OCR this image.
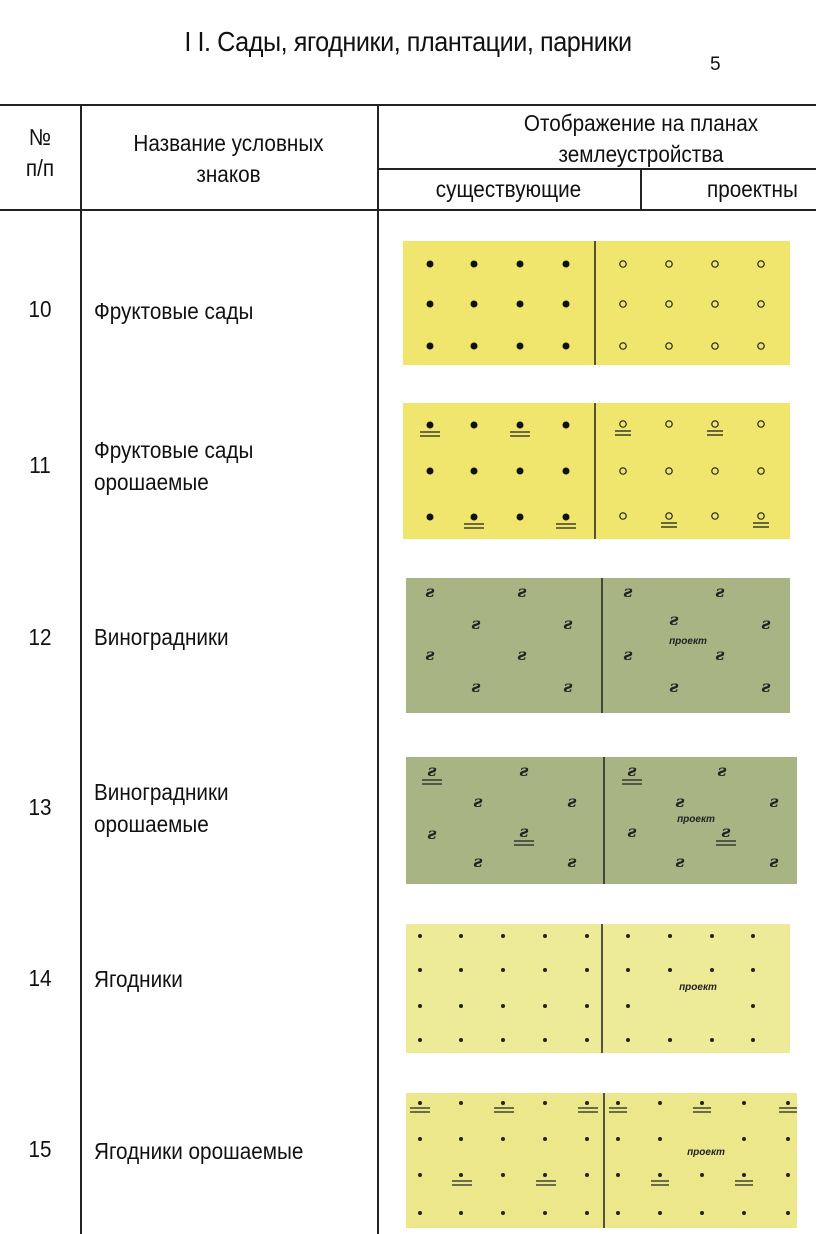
I I. Сады, ягодники, плантации, парники
5
№
п/п
Название условных
знаков
Отображение на планах
землеустройства
существующие	проектны
10	Фруктовые сады
11
Фруктовые сады
орошаемые
12	Виноградники
13
Виноградники
орошаемые
14	Ягодники
15	Ягодники орошаемые
ƨ	ƨ	ƨ	ƨ
ƨ	ƨ	ƨ	ƨ
ƨ	ƨ	ƨ	ƨ
ƨ	ƨ	ƨ	ƨ
проект
ƨ	ƨ	ƨ	ƨ
ƨ	ƨ	ƨ	ƨ
ƨ	ƨ	ƨ	ƨ
ƨ	ƨ	ƨ	ƨ
проект
проект
проект
